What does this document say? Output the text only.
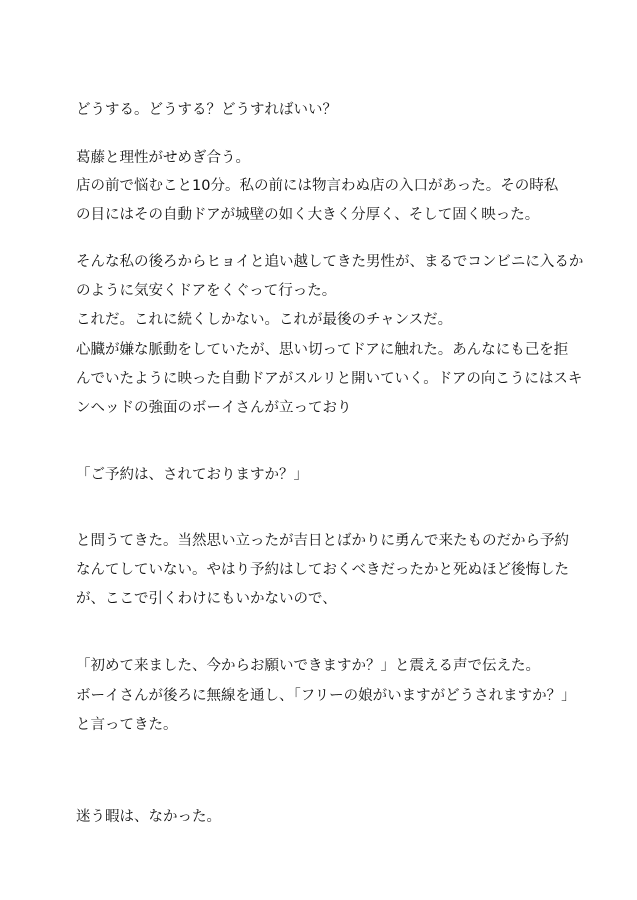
どうする。どうする？どうすればいい？
葛藤と理性がせめぎ合う。
店の前で悩むこと10分。私の前には物言わぬ店の入口があった。その時私
の目にはその自動ドアが城壁の如く大きく分厚く、そして固く映った。
そんな私の後ろからヒョイと追い越してきた男性が、まるでコンビニに入るか
のように気安くドアをくぐって行った。
これだ。これに続くしかない。これが最後のチャンスだ。
心臓が嫌な脈動をしていたが、思い切ってドアに触れた。あんなにも己を拒
んでいたように映った自動ドアがスルリと開いていく。ドアの向こうにはスキ
ンヘッドの強面のボーイさんが立っており
「ご予約は、されておりますか？」
と問うてきた。当然思い立ったが吉日とばかりに勇んで来たものだから予約
なんてしていない。やはり予約はしておくべきだったかと死ぬほど後悔した
が、ここで引くわけにもいかないので、
「初めて来ました、今からお願いできますか？」と震える声で伝えた。
ボーイさんが後ろに無線を通し、「フリーの娘がいますがどうされますか？」
と言ってきた。
迷う暇は、なかった。
